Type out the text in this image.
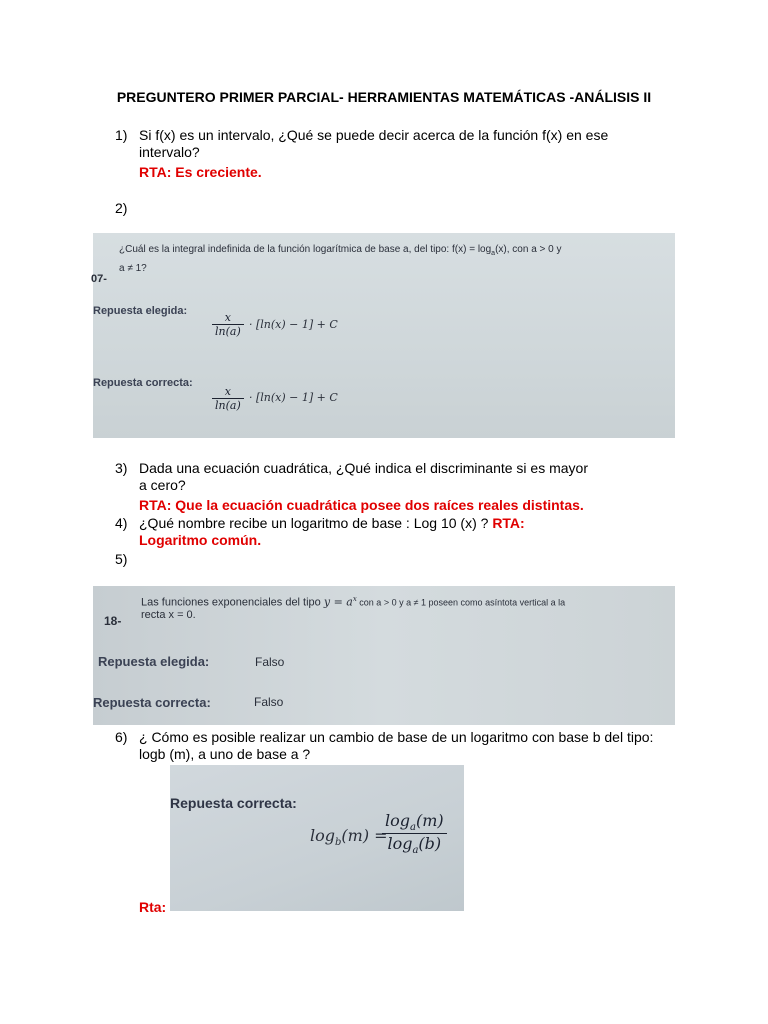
PREGUNTERO PRIMER PARCIAL- HERRAMIENTAS MATEMÁTICAS -ANÁLISIS II
1) Si f(x) es un intervalo, ¿Qué se puede decir acerca de la función f(x) en ese
intervalo?
RTA: Es creciente.
2)
¿Cuál es la integral indefinida de la función logarítmica de base a, del tipo: $f(x) = \log_a(x)$, con a > 0 y
a ≠ 1?
07-
Repuesta elegida: $\frac{x}{\ln(a)} \cdot [\ln(x) - 1] + C$
Repuesta correcta:
$\frac{x}{\ln(a)} \cdot [\ln(x) - 1] + C$
3) Dada una ecuación cuadrática, ¿Qué indica el discriminante si es mayor
a cero?
RTA: Que la ecuación cuadrática posee dos raíces reales distintas.
4) ¿Qué nombre recibe un logaritmo de base : Log 10 (x) ? RTA:
Logaritmo común.
5)
Las funciones exponenciales del tipo $y = a^x$ con a > 0 y a ≠ 1 poseen como asíntota vertical a la
recta x = 0.
18-
Repuesta elegida:	Falso
Repuesta correcta:	Falso
6) ¿ Cómo es posible realizar un cambio de base de un logaritmo con base b del tipo:
logb (m), a uno de base a ?
Repuesta correcta:
$\log_b(m)$ =
$\frac{\log_a(m)}{\log_a(b)}$
Rta:
